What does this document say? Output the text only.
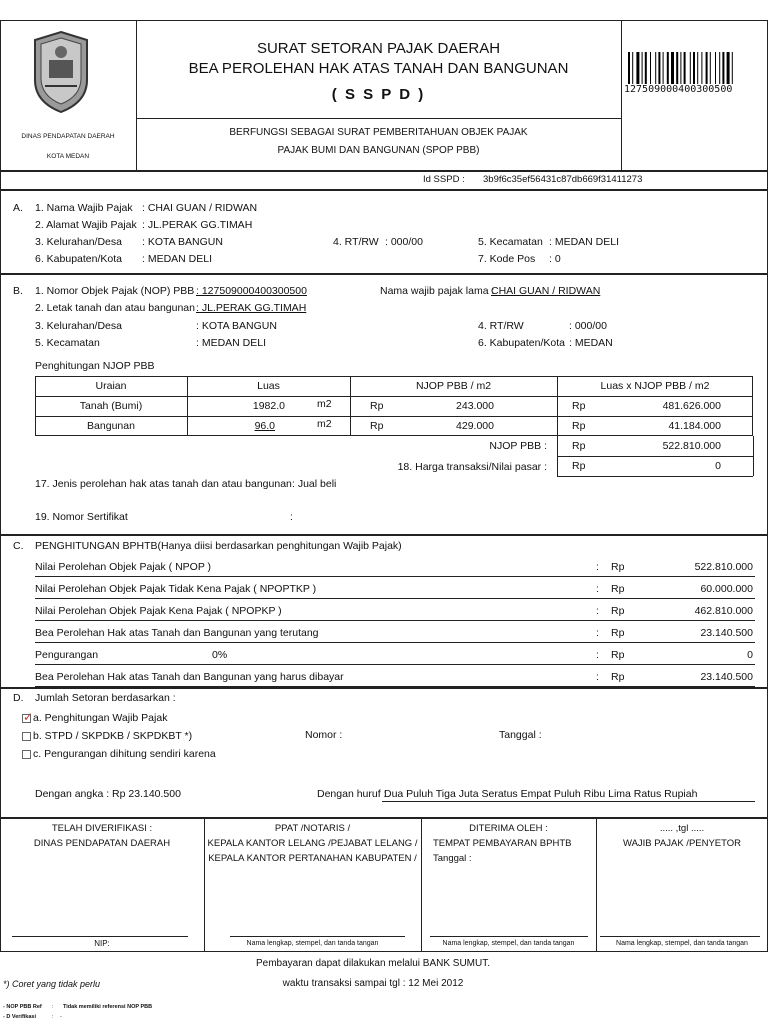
DINAS PENDAPATAN DAERAH
KOTA MEDAN
SURAT SETORAN PAJAK DAERAH
BEA PEROLEHAN HAK ATAS TANAH DAN BANGUNAN
( S S P D )
BERFUNGSI SEBAGAI SURAT PEMBERITAHUAN OBJEK PAJAK
PAJAK BUMI DAN BANGUNAN (SPOP PBB)
127509000400300500
Id SSPD : 3b9f6c35ef56431c87db669f31411273
A. 1. Nama Wajib Pajak : CHAI GUAN / RIDWAN
2. Alamat Wajib Pajak : JL.PERAK GG.TIMAH
3. Kelurahan/Desa : KOTA BANGUN	4. RT/RW : 000/00	5. Kecamatan : MEDAN DELI
6. Kabupaten/Kota : MEDAN DELI	7. Kode Pos : 0
B. 1. Nomor Objek Pajak (NOP) PBB : 127509000400300500	Nama wajib pajak lama :
CHAI GUAN / RIDWAN
2. Letak tanah dan atau bangunan : JL.PERAK GG.TIMAH
3. Kelurahan/Desa	: KOTA BANGUN	4. RT/RW	: 000/00
5. Kecamatan	: MEDAN DELI	6. Kabupaten/Kota : MEDAN
Penghitungan NJOP PBB
Uraian	Luas	NJOP PBB / m2	Luas x NJOP PBB / m2
Tanah (Bumi)	1982.0	m2	Rp	243.000	Rp	481.626.000
Bangunan	96.0	m2	Rp	429.000	Rp	41.184.000
NJOP PBB : Rp	522.810.000
18. Harga transaksi/Nilai pasar : Rp	0
17. Jenis perolehan hak atas tanah dan atau bangunan : Jual beli
19. Nomor Sertifikat	:
C. PENGHITUNGAN BPHTB(Hanya diisi berdasarkan penghitungan Wajib Pajak)
Nilai Perolehan Objek Pajak ( NPOP )	: Rp	522.810.000
Nilai Perolehan Objek Pajak Tidak Kena Pajak ( NPOPTKP )	: Rp	60.000.000
Nilai Perolehan Objek Pajak Kena Pajak ( NPOPKP )	: Rp	462.810.000
Bea Perolehan Hak atas Tanah dan Bangunan yang terutang	: Rp	23.140.500
Pengurangan	0%	: Rp	0
Bea Perolehan Hak atas Tanah dan Bangunan yang harus dibayar	: Rp	23.140.500
D. Jumlah Setoran berdasarkan :
✓ a. Penghitungan Wajib Pajak
b. STPD / SKPDKB / SKPDKBT *)
c. Pengurangan dihitung sendiri karena
Nomor :	Tanggal :
Dengan angka : Rp 23.140.500	Dengan huruf :
Dua Puluh Tiga Juta Seratus Empat Puluh Ribu Lima Ratus Rupiah
TELAH DIVERIFIKASI :
DINAS PENDAPATAN DAERAH
NIP:
PPAT /NOTARIS /
KEPALA KANTOR LELANG /PEJABAT LELANG /
KEPALA KANTOR PERTANAHAN KABUPATEN /
Nama lengkap, stempel, dan tanda tangan
DITERIMA OLEH :
TEMPAT PEMBAYARAN BPHTB
Tanggal :
Nama lengkap, stempel, dan tanda tangan
..... ,tgl .....
WAJIB PAJAK /PENYETOR
Nama lengkap, stempel, dan tanda tangan
Pembayaran dapat dilakukan melalui BANK SUMUT.
*) Coret yang tidak perlu	waktu transaksi sampai tgl : 12 Mei 2012
- NOP PBB Ref : Tidak memiliki referensi NOP PBB
- D Verifikasi	: -
